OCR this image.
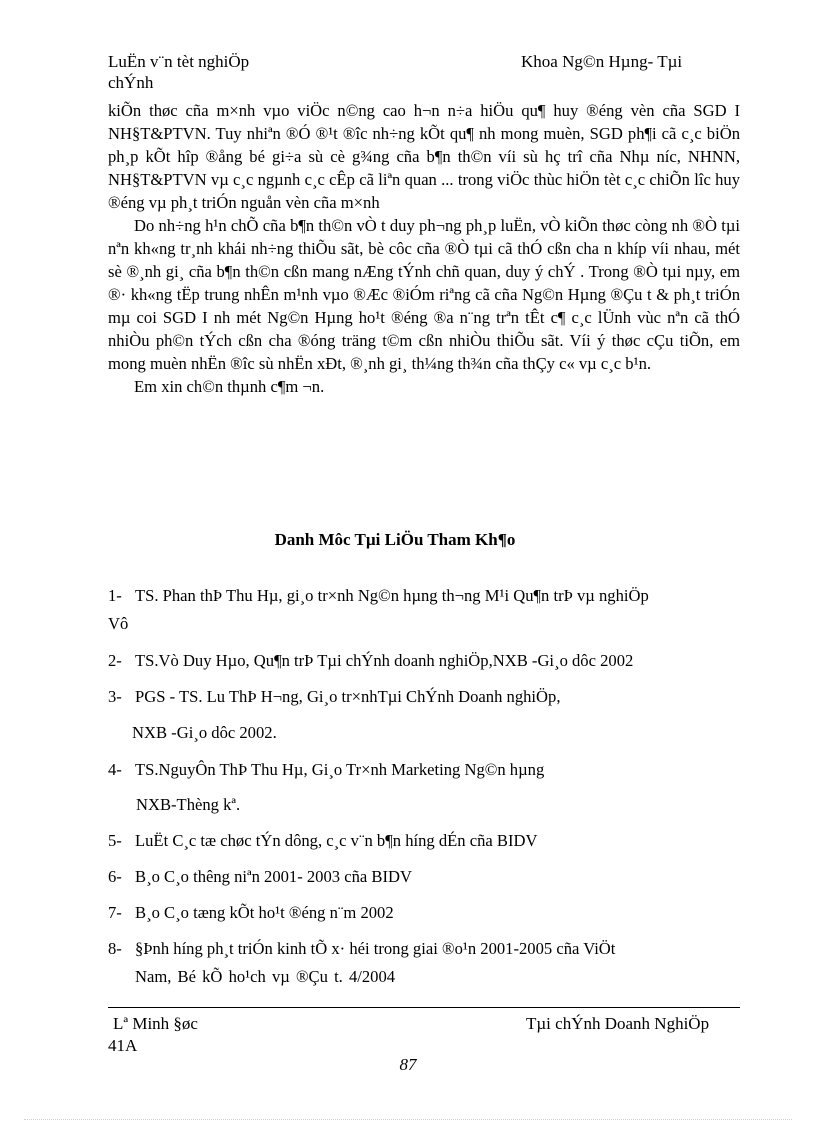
LuËn v¨n tèt nghiÖp
chÝnh
Khoa Ng©n Hµng- Tµi

kiÕn thøc cña m×nh vµo viÖc n©ng cao h¬n n÷a hiÖu qu¶ huy ®éng vèn cña SGD I NH§T&PTVN. Tuy nhiªn ®Ó ®¹t ®îc nh÷ng kÕt qu¶ nh mong muèn, SGD ph¶i cã c¸c biÖn ph¸p kÕt hîp ®ång bé gi÷a sù cè g¾ng cña b¶n th©n víi sù hç trî cña Nhµ níc, NHNN, NH§T&PTVN vµ c¸c ngµnh c¸c cÊp cã liªn quan ... trong viÖc thùc hiÖn tèt c¸c chiÕn lîc huy ®éng vµ ph¸t triÓn nguån vèn cña m×nh

Do nh÷ng h¹n chÕ cña b¶n th©n vÒ t duy ph¬ng ph¸p luËn, vÒ kiÕn thøc còng nh ®Ò tµi nªn kh«ng tr¸nh khái nh÷ng thiÕu sãt, bè côc cña ®Ò tµi cã thÓ cßn cha n khíp víi nhau, mét sè ®¸nh gi¸ cña b¶n th©n cßn mang nÆng tÝnh chñ quan, duy ý chÝ . Trong ®Ò tµi nµy, em ®· kh«ng tËp trung nhÊn m¹nh vµo ®Æc ®iÓm riªng cã cña Ng©n Hµng ®Çu t & ph¸t triÓn mµ coi SGD I nh mét Ng©n Hµng ho¹t ®éng ®a n¨ng trªn tÊt c¶ c¸c lÜnh vùc nªn cã thÓ nhiÒu ph©n tÝch cßn cha ®óng träng t©m cßn nhiÒu thiÕu sãt. Víi ý thøc cÇu tiÕn, em mong muèn nhËn ®îc sù nhËn xÐt, ®¸nh gi¸ th¼ng th¾n cña thÇy c« vµ c¸c b¹n.

Em xin ch©n thµnh c¶m ¬n.

Danh Môc Tµi LiÖu Tham Kh¶o
1- TS. Phan thÞ Thu Hµ, gi¸o tr×nh Ng©n hµng th¬ng M¹i Qu¶n trÞ vµ nghiÖp
Vô
2- TS.Vò Duy Hµo, Qu¶n trÞ Tµi chÝnh doanh nghiÖp,NXB -Gi¸o dôc 2002
3- PGS - TS. Lu ThÞ H¬ng, Gi¸o tr×nhTµi ChÝnh Doanh nghiÖp,
NXB -Gi¸o dôc 2002.
4- TS.NguyÔn ThÞ Thu Hµ, Gi¸o Tr×nh Marketing Ng©n hµng
NXB-Thèng kª.
5- LuËt C¸c tæ chøc tÝn dông, c¸c v¨n b¶n híng dÉn cña BIDV
6- B¸o C¸o thêng niªn 2001- 2003 cña BIDV
7- B¸o C¸o tæng kÕt ho¹t ®éng n¨m 2002
8- §Þnh híng ph¸t triÓn kinh tÕ x· héi trong giai ®o¹n 2001-2005 cña ViÖt
Nam, Bé kÕ ho¹ch vµ ®Çu t. 4/2004
Lª Minh §øc
41A
Tµi chÝnh Doanh NghiÖp
87
